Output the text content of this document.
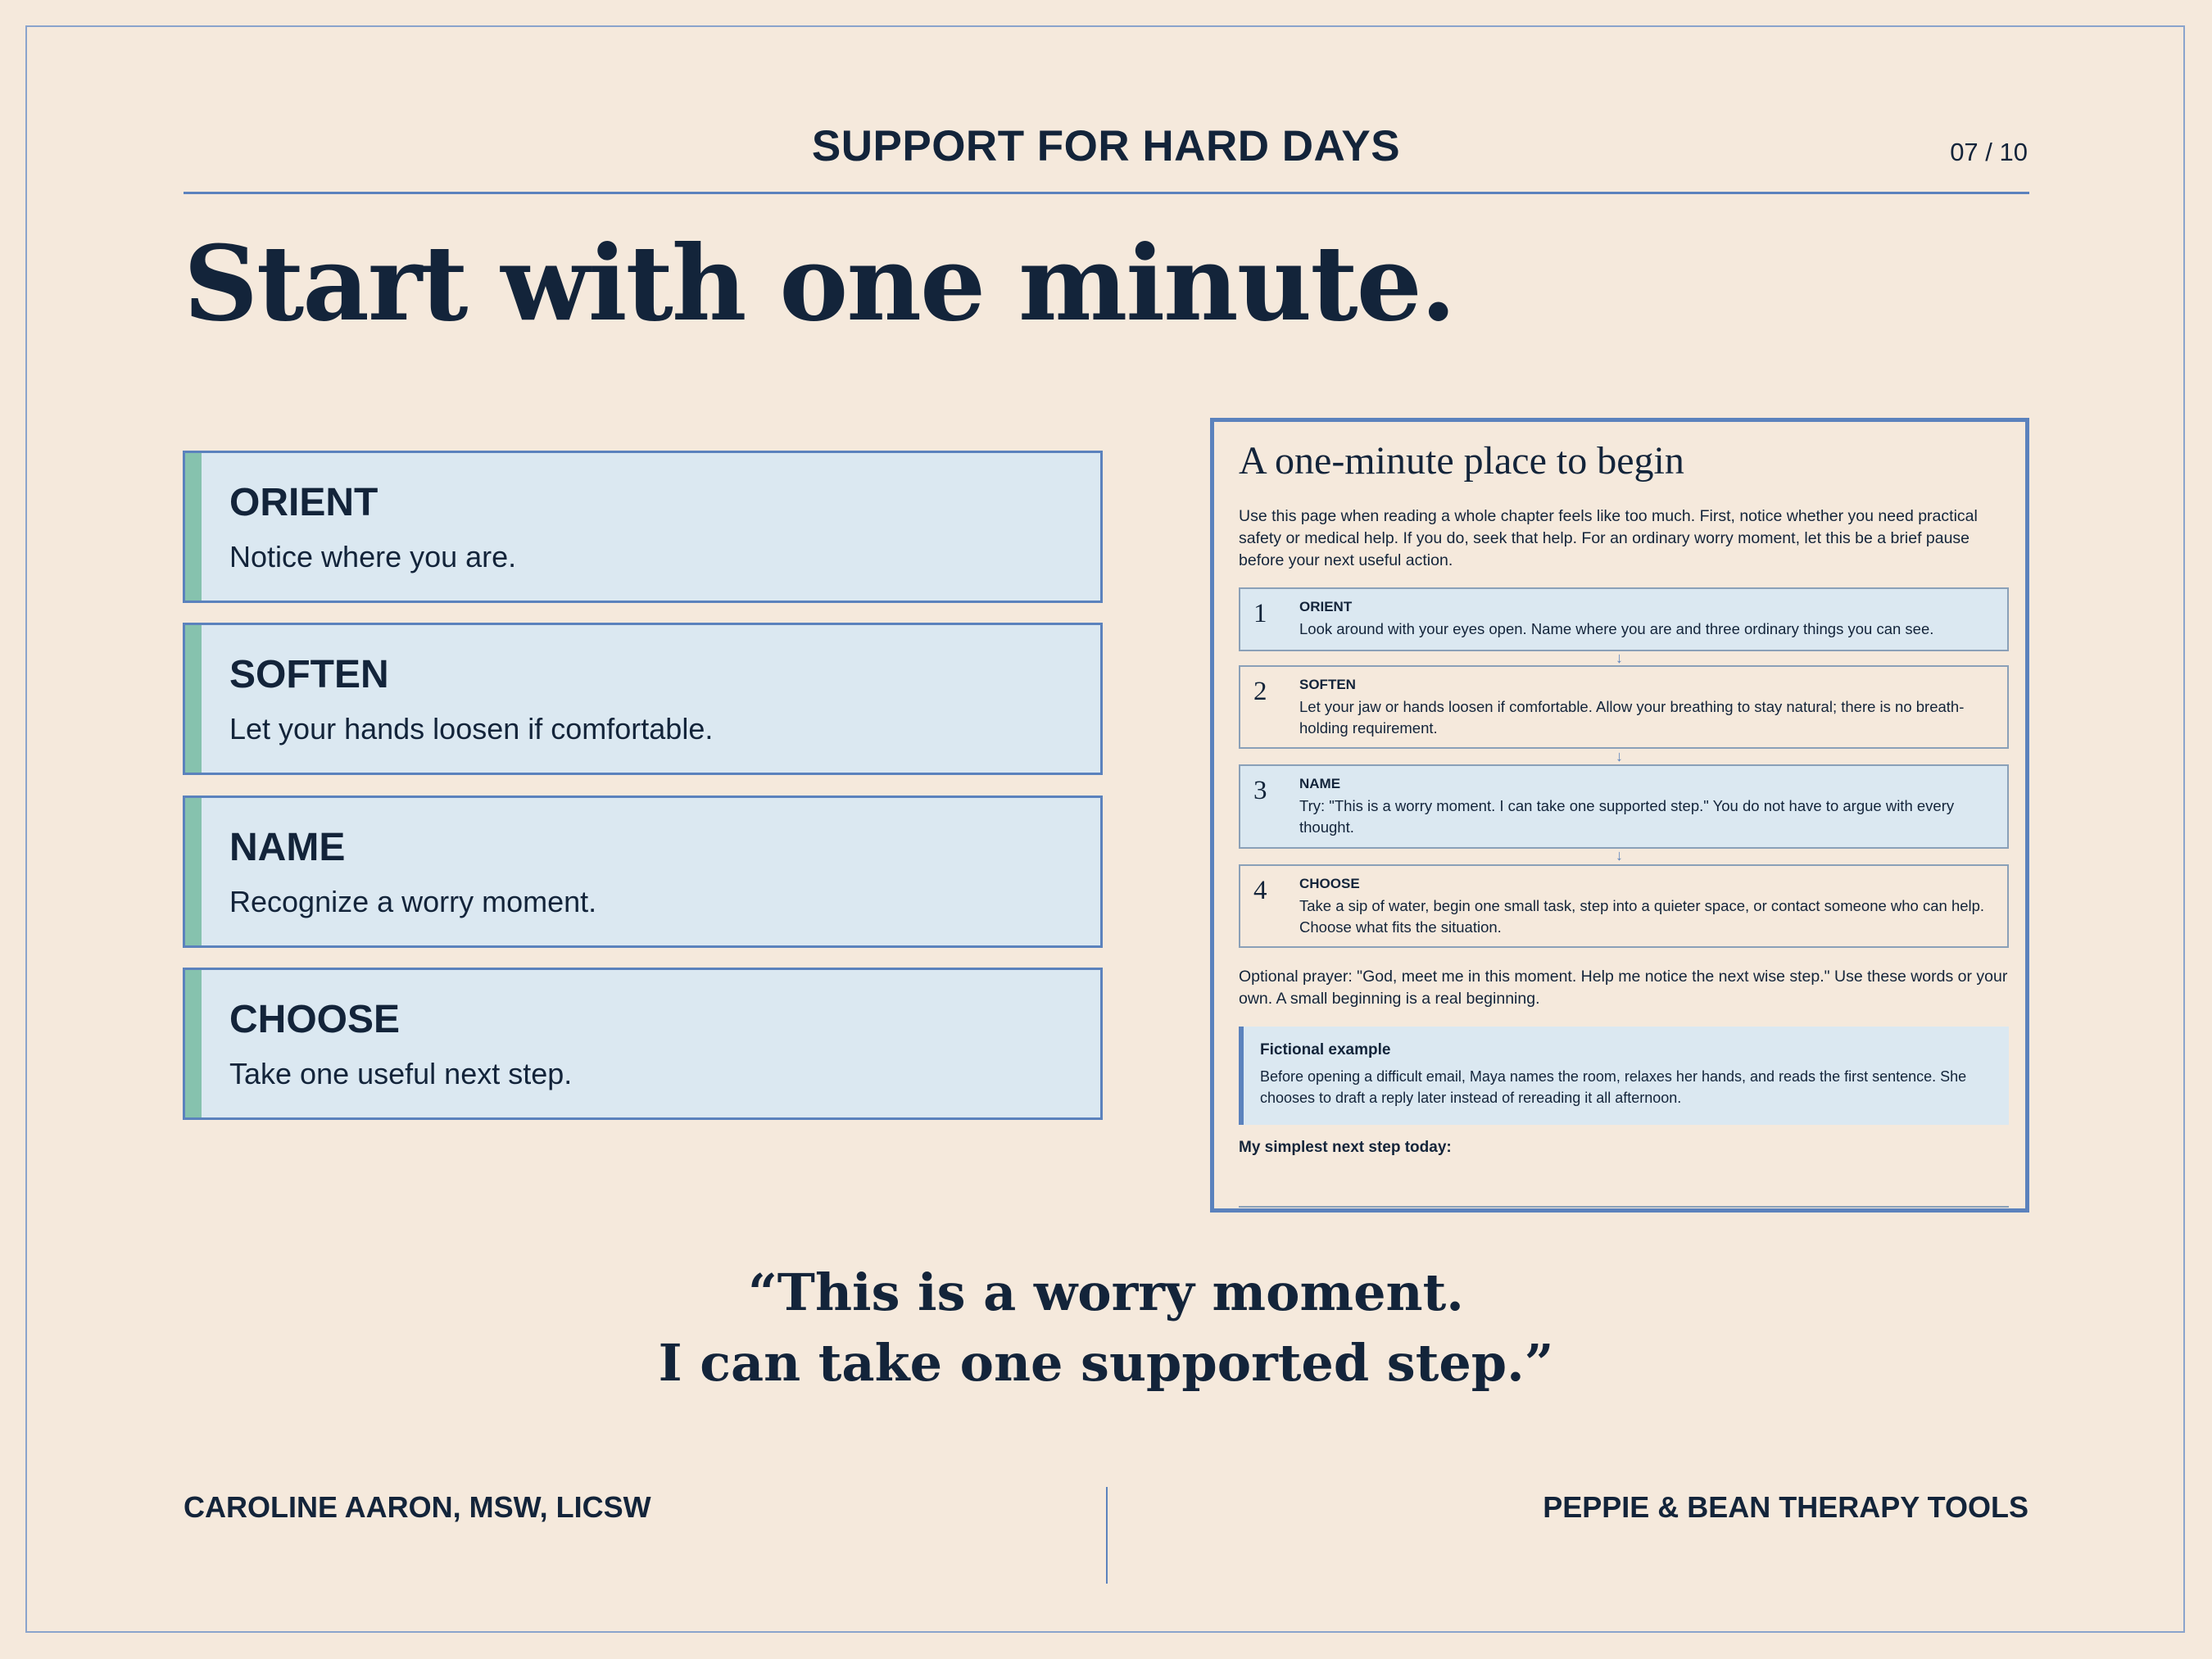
SUPPORT FOR HARD DAYS	07 / 10
Start with one minute.
ORIENT
Notice where you are.
SOFTEN
Let your hands loosen if comfortable.
NAME
Recognize a worry moment.
CHOOSE
Take one useful next step.
A one-minute place to begin
Use this page when reading a whole chapter feels like too much. First, notice whether you need practical safety or medical help. If you do, seek that help. For an ordinary worry moment, let this be a brief pause before your next useful action.
1 ORIENT
Look around with your eyes open. Name where you are and three ordinary things you can see.
↓
2 SOFTEN
Let your jaw or hands loosen if comfortable. Allow your breathing to stay natural; there is no breath-holding requirement.
↓
3 NAME
Try: "This is a worry moment. I can take one supported step." You do not have to argue with every thought.
↓
4 CHOOSE
Take a sip of water, begin one small task, step into a quieter space, or contact someone who can help. Choose what fits the situation.
Optional prayer: "God, meet me in this moment. Help me notice the next wise step." Use these words or your own. A small beginning is a real beginning.
Fictional example
Before opening a difficult email, Maya names the room, relaxes her hands, and reads the first sentence. She chooses to draft a reply later instead of rereading it all afternoon.
My simplest next step today:
“This is a worry moment.
I can take one supported step.”
CAROLINE AARON, MSW, LICSW	PEPPIE & BEAN THERAPY TOOLS
